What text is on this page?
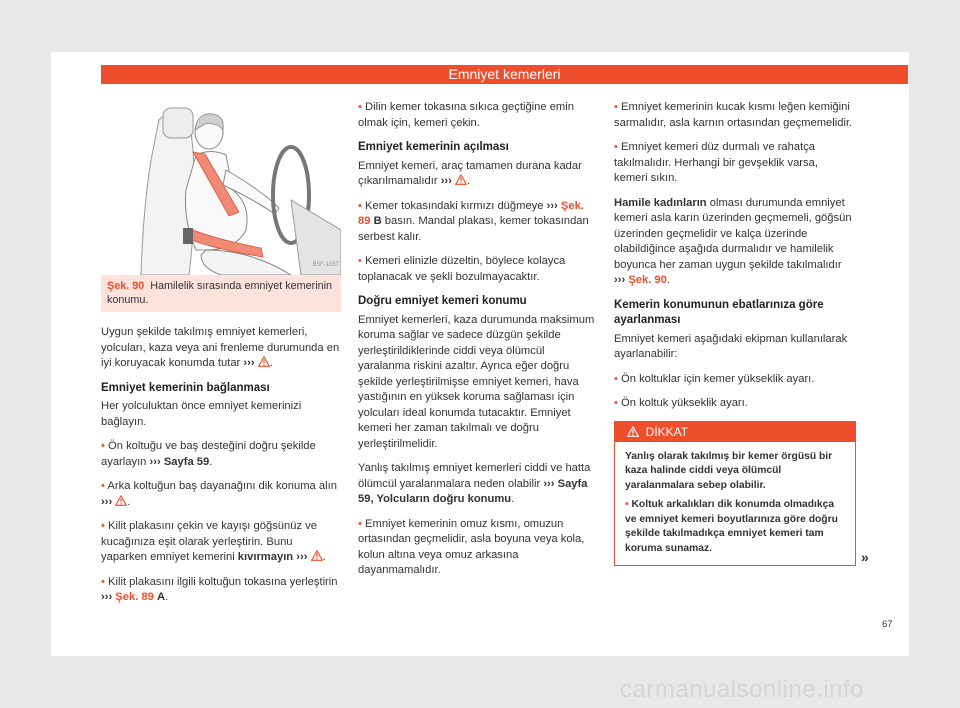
Emniyet kemerleri
B5F-1057
Şek. 90 Hamilelik sırasında emniyet kemerinin konumu.

Uygun şekilde takılmış emniyet kemerleri, yolcuları, kaza veya ani frenleme durumunda en iyi koruyacak konumda tutar ››› .

Emniyet kemerinin bağlanması

Her yolculuktan önce emniyet kemerinizi bağlayın.

• Ön koltuğu ve baş desteğini doğru şekilde ayarlayın ››› Sayfa 59.

• Arka koltuğun baş dayanağını dik konuma alın ››› .

• Kilit plakasını çekin ve kayışı göğsünüz ve kucağınıza eşit olarak yerleştirin. Bunu yaparken emniyet kemerini kıvırmayın ››› .

• Kilit plakasını ilgili koltuğun tokasına yerleştirin ››› Şek. 89 A.

• Dilin kemer tokasına sıkıca geçtiğine emin olmak için, kemeri çekin.

Emniyet kemerinin açılması

Emniyet kemeri, araç tamamen durana kadar çıkarılmamalıdır ››› .

• Kemer tokasındaki kırmızı düğmeye ››› Şek. 89 B basın. Mandal plakası, kemer tokasından serbest kalır.

• Kemeri elinizle düzeltin, böylece kolayca toplanacak ve şekli bozulmayacaktır.

Doğru emniyet kemeri konumu

Emniyet kemerleri, kaza durumunda maksimum koruma sağlar ve sadece düzgün şekilde yerleştirildiklerinde ciddi veya ölümcül yaralanma riskini azaltır. Ayrıca eğer doğru şekilde yerleştirilmişse emniyet kemeri, hava yastığının en yüksek koruma sağlaması için yolcuları ideal konumda tutacaktır. Emniyet kemeri her zaman takılmalı ve doğru yerleştirilmelidir.

Yanlış takılmış emniyet kemerleri ciddi ve hatta ölümcül yaralanmalara neden olabilir ››› Sayfa 59, Yolcuların doğru konumu.

• Emniyet kemerinin omuz kısmı, omuzun ortasından geçmelidir, asla boyuna veya kola, kolun altına veya omuz arkasına dayanmamalıdır.

• Emniyet kemerinin kucak kısmı leğen kemiğini sarmalıdır, asla karnın ortasından geçmemelidir.

• Emniyet kemeri düz durmalı ve rahatça takılmalıdır. Herhangi bir gevşeklik varsa, kemeri sıkın.

Hamile kadınların olması durumunda emniyet kemeri asla karın üzerinden geçmemeli, göğsün üzerinden geçmelidir ve kalça üzerinde olabildiğince aşağıda durmalıdır ve hamilelik boyunca her zaman uygun şekilde takılmalıdır ››› Şek. 90.

Kemerin konumunun ebatlarınıza göre ayarlanması

Emniyet kemeri aşağıdaki ekipman kullanılarak ayarlanabilir:

• Ön koltuklar için kemer yükseklik ayarı.

• Ön koltuk yükseklik ayarı.

DİKKAT

Yanlış olarak takılmış bir kemer örgüsü bir kaza halinde ciddi veya ölümcül yaralanmalara sebep olabilir.

• Koltuk arkalıkları dik konumda olmadıkça ve emniyet kemeri boyutlarınıza göre doğru şekilde takılmadıkça emniyet kemeri tam koruma sunamaz.

»
67
carmanualsonline.info
